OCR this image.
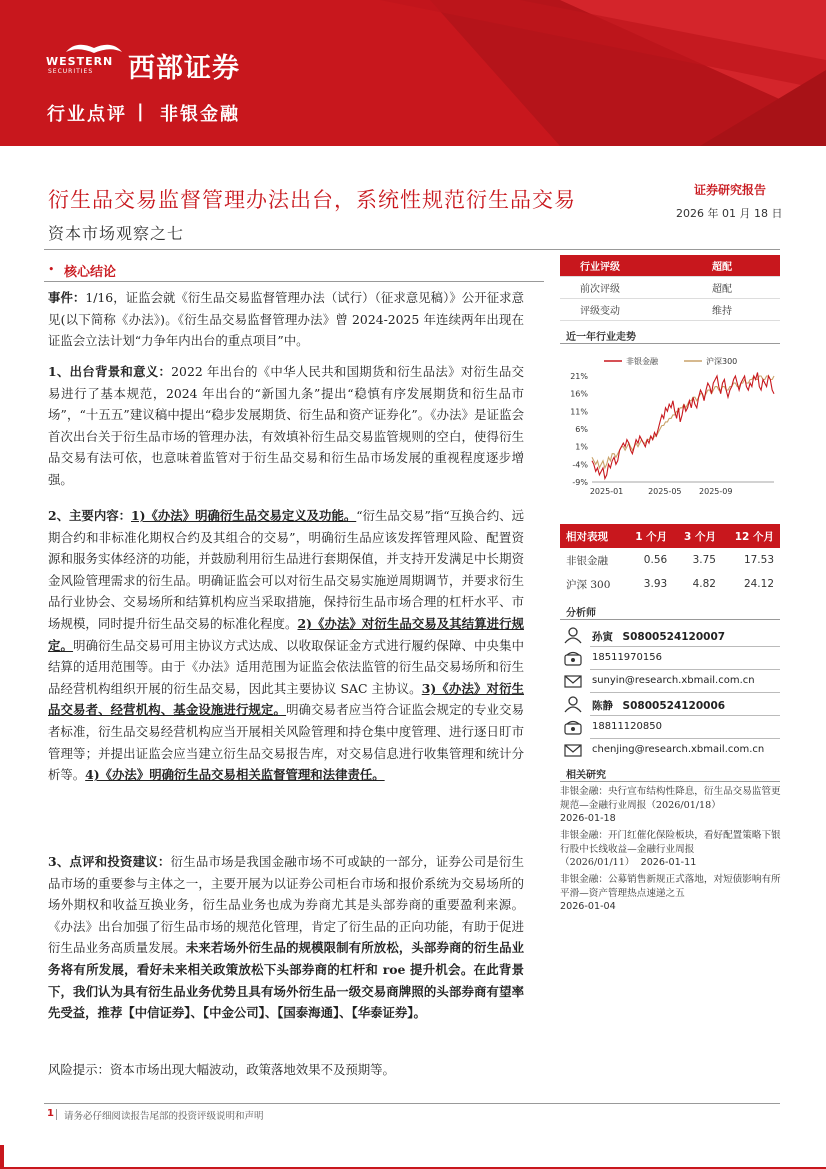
WESTERN
SECURITIES 西部证券
行业点评 | 非银金融
衍生品交易监督管理办法出台，系统性规范衍生品交易	证券研究报告
2026 年 01 月 18 日
资本市场观察之七
• 核心结论
事件：1/16，证监会就《衍生品交易监督管理办法（试行）（征求意见稿）》公开征求意见(以下简称《办法》)。《衍生品交易监督管理办法》曾 2024-2025 年连续两年出现在证监会立法计划“力争年内出台的重点项目”中。
1、出台背景和意义：2022 年出台的《中华人民共和国期货和衍生品法》对衍生品交易进行了基本规范，2024 年出台的“新国九条”提出“稳慎有序发展期货和衍生品市场”，“十五五”建议稿中提出“稳步发展期货、衍生品和资产证券化”。《办法》是证监会首次出台关于衍生品市场的管理办法，有效填补衍生品交易监管规则的空白，使得衍生品交易有法可依，也意味着监管对于衍生品交易和衍生品市场发展的重视程度逐步增强。
2、主要内容：1)《办法》明确衍生品交易定义及功能。“衍生品交易”指“互换合约、远期合约和非标准化期权合约及其组合的交易”，明确衍生品应该发挥管理风险、配置资源和服务实体经济的功能，并鼓励利用衍生品进行套期保值，并支持开发满足中长期资金风险管理需求的衍生品。明确证监会可以对衍生品交易实施逆周期调节，并要求衍生品行业协会、交易场所和结算机构应当采取措施，保持衍生品市场合理的杠杆水平、市场规模，同时提升衍生品交易的标准化程度。2)《办法》对衍生品交易及其结算进行规定。明确衍生品交易可用主协议方式达成、以收取保证金方式进行履约保障、中央集中结算的适用范围等。由于《办法》适用范围为证监会依法监管的衍生品交易场所和衍生品经营机构组织开展的衍生品交易，因此其主要协议 SAC 主协议。3)《办法》对衍生品交易者、经营机构、基金设施进行规定。明确交易者应当符合证监会规定的专业交易者标准，衍生品交易经营机构应当开展相关风险管理和持仓集中度管理、进行逐日盯市管理等；并提出证监会应当建立衍生品交易报告库，对交易信息进行收集管理和统计分析等。4)《办法》明确衍生品交易相关监督管理和法律责任。
3、点评和投资建议：衍生品市场是我国金融市场不可或缺的一部分，证券公司是衍生品市场的重要参与主体之一，主要开展为以证券公司柜台市场和报价系统为交易场所的场外期权和收益互换业务，衍生品业务也成为券商尤其是头部券商的重要盈利来源。《办法》出台加强了衍生品市场的规范化管理，肯定了衍生品的正向功能，有助于促进衍生品业务高质量发展。未来若场外衍生品的规模限制有所放松，头部券商的衍生品业务将有所发展，看好未来相关政策放松下头部券商的杠杆和 roe 提升机会。在此背景下，我们认为具有衍生品业务优势且具有场外衍生品一级交易商牌照的头部券商有望率先受益，推荐【中信证券】、【中金公司】、【国泰海通】、【华泰证券】。
风险提示：资本市场出现大幅波动，政策落地效果不及预期等。
行业评级	超配
前次评级	超配
评级变动	维持
近一年行业走势
非银金融	沪深300
21%
16%
11%
6%
1%
-4%
-9%
2025-01	2025-05 2025-09
相对表现	1 个月	3 个月	12 个月
非银金融	0.56	3.75	17.53
沪深 300	3.93	4.82	24.12
分析师
孙寅 S0800524120007
18511970156
sunyin@research.xbmail.com.cn
陈静 S0800524120006
18811120850
chenjing@research.xbmail.com.cn
相关研究
非银金融：央行宣布结构性降息，衍生品交易监管更规范—金融行业周报（2026/01/18）
2026-01-18
非银金融：开门红催化保险板块，看好配置策略下银行股中长线收益—金融行业周报（2026/01/11） 2026-01-11
非银金融：公募销售新规正式落地，对短债影响有所平滑—资产管理热点速递之五
2026-01-04
1 请务必仔细阅读报告尾部的投资评级说明和声明
